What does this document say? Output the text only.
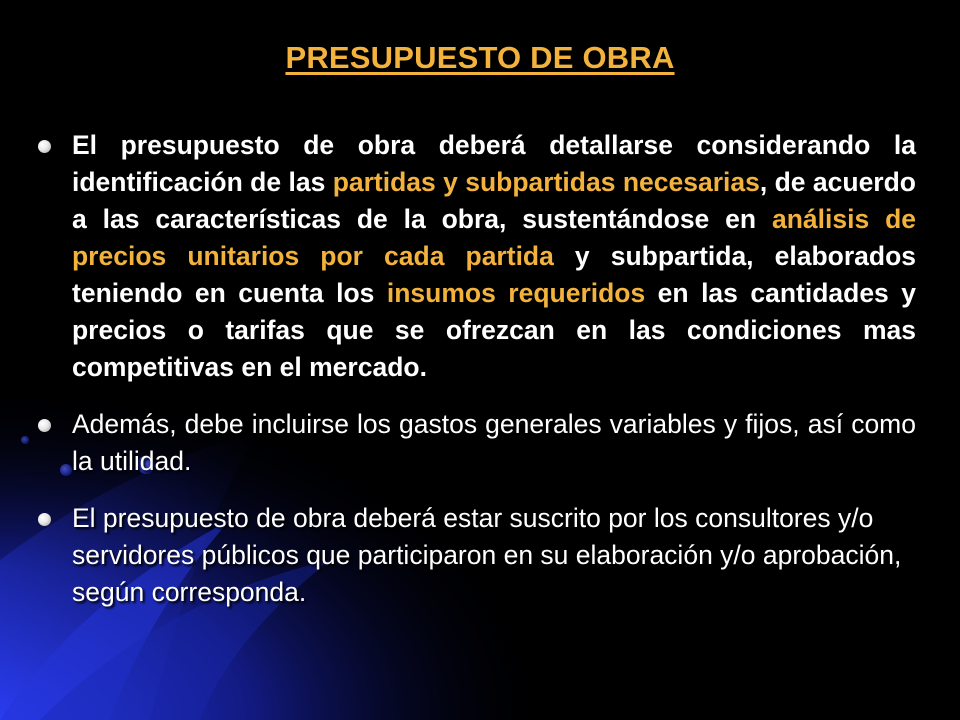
PRESUPUESTO DE OBRA
El presupuesto de obra deberá detallarse considerando la identificación de las partidas y subpartidas necesarias, de acuerdo a las características de la obra, sustentándose en análisis de precios unitarios por cada partida y subpartida, elaborados teniendo en cuenta los insumos requeridos en las cantidades y precios o tarifas que se ofrezcan en las condiciones mas competitivas en el mercado.
Además, debe incluirse los gastos generales variables y fijos, así como la utilidad.
El presupuesto de obra deberá estar suscrito por los consultores y/o servidores públicos que participaron en su elaboración y/o aprobación, según corresponda.
